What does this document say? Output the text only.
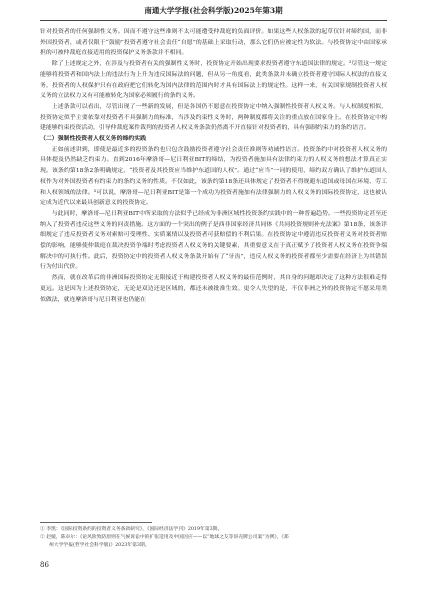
南通大学学报(社会科学版)2025年第3期

针对投资者的任何强制性义务。因而不遵守这些准则不太可能遭受仲裁庭的负面评价。如果这些人权条款的起草仅针对缔约国，而非外国投资者，或者仅限于“鼓励”投资者遵守社会责任“自愿”的基础上采取行动，那么它们仍应被定性为软法。与投资协定中由国家承担的可被仲裁庭直接适用的投资保护义务条款并不相同。

除了上述规定之外，在涉及与投资者有关的强制性义务时，投资协定开始出现要求投资者遵守东道国法律的规定。²尽管这一规定能够将投资者和国内法上的违法行为上升为违反国际法的问题，但从另一角度看，此类条款并未确立投资者遵守国际人权法的直接义务，投资者的人权保护只有在政府把它们转化为国内法律的范围内时才具有国际法上的规定性。这样一来，有关国家规制投资者人权义务的立法权力又有可能被转化为国家必须履行的条约义务。

上述条款可以看出，尽管出现了一些新的发展，但是各国仍不愿意在投资协定中纳入强制性投资者人权义务。与人权制度相似，投资协定似乎主要依靠对投资者不具强制力的标准，当涉及约束性义务时，两种制度都将关注的重点放在国家身上。在投资协定中构建能够约束投资活动，引导仲裁庭案件裁判的投资者人权义务条款仍然离不开直接针对投资者的，具有强制约束力的条约语言。

（二）强制性投资者人权义务的缔约实践

正如前述讲到，即使是最近多的投资条约也只包含鼓励投资者遵守社会责任准则等劝诫性语言。投资条约中对投资者人权义务的具体提及仍然缺乏约束力。直到2016年摩洛哥—尼日利亚BIT的缔结，为投资者施加具有法律约束力的人权义务的想法才算真正实现。该条约第18条2条明确规定，“投资者及其投资应当维护东道国的人权”。通过“应当”一词的使用，缔约双方确认了维护东道国人权作为对外国投资者有约束力的条约义务的性质。不仅如此，该条约第18条还具体规定了投资者不得规避东道国或母国在环境、劳工和人权领域的法律。³可以说，摩洛哥—尼日利亚BIT是第一个成功为投资者施加有法律强制力的人权义务的国际投资协定，这也被认定成为近代以来最具创新意义的投资协定。

与此同时，摩洛哥—尼日利亚BIT中所采取的方法似乎已经成为非洲区域性投资条约实践中的一种普遍趋势。一些投资协定甚至还纳入了投资者违反这些义务的问责措施。这方面的一个突出的例子是西非国家经济共同体《共同投资规则补充法案》第18条，该条详细规定了违反投资者义务对索赔可受理性、实质案情以及投资者可获赔偿的不利后果。在投资协定中遵清违反投资者义务对投资者赔偿的影响，能够使仲裁庭在裁决投资争端时考虑投资者人权义务的关键要素，其重要意义在于真正赋予了投资者人权义务在投资争端解决中的可执行性。此后，投资协定中的投资者人权义务条款开始有了“牙齿”，违反人权义务的投资者都至少需要在经济上为其错误行为付出代价。

然而，就在改革后的非洲国际投资协定无限接近于构建投资者人权义务的最佳范例时，其自身的问题却决定了这种方法很难走得更远。这是因为上述投资协定，无论是双边还是区域的，都还未被批准生效。更令人失望的是，不仅非洲之外的投资协定不愿采用类似做法，就连摩洛哥与尼日利亚也仍能在

① 李凯：《国际投资条约的投资者义务条款研究》，《国际经济法学刊》2019年第3期。

② 赵媛，陈卓尔：《论风险致防原则在气候诉讼中的扩张适用及中国因应——以“地球之友等诉壳牌公司案”为例》，《郑

州大学学报(哲学社会科学版)》2023年第3期。

86
